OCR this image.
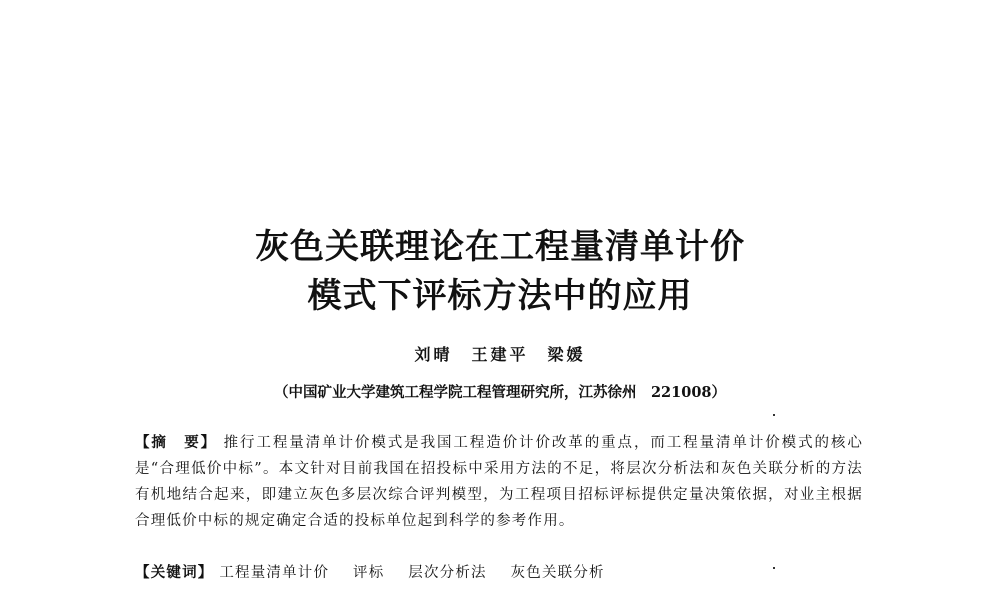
灰色关联理论在工程量清单计价
模式下评标方法中的应用
刘晴　王建平　梁媛
（中国矿业大学建筑工程学院工程管理研究所，江苏徐州　221008）
【摘　要】 推行工程量清单计价模式是我国工程造价计价改革的重点，而工程量清单计价模式的核心是“合理低价中标”。本文针对目前我国在招投标中采用方法的不足，将层次分析法和灰色关联分析的方法有机地结合起来，即建立灰色多层次综合评判模型，为工程项目招标评标提供定量决策依据，对业主根据合理低价中标的规定确定合适的投标单位起到科学的参考作用。
【关键词】 工程量清单计价 评标 层次分析法 灰色关联分析
